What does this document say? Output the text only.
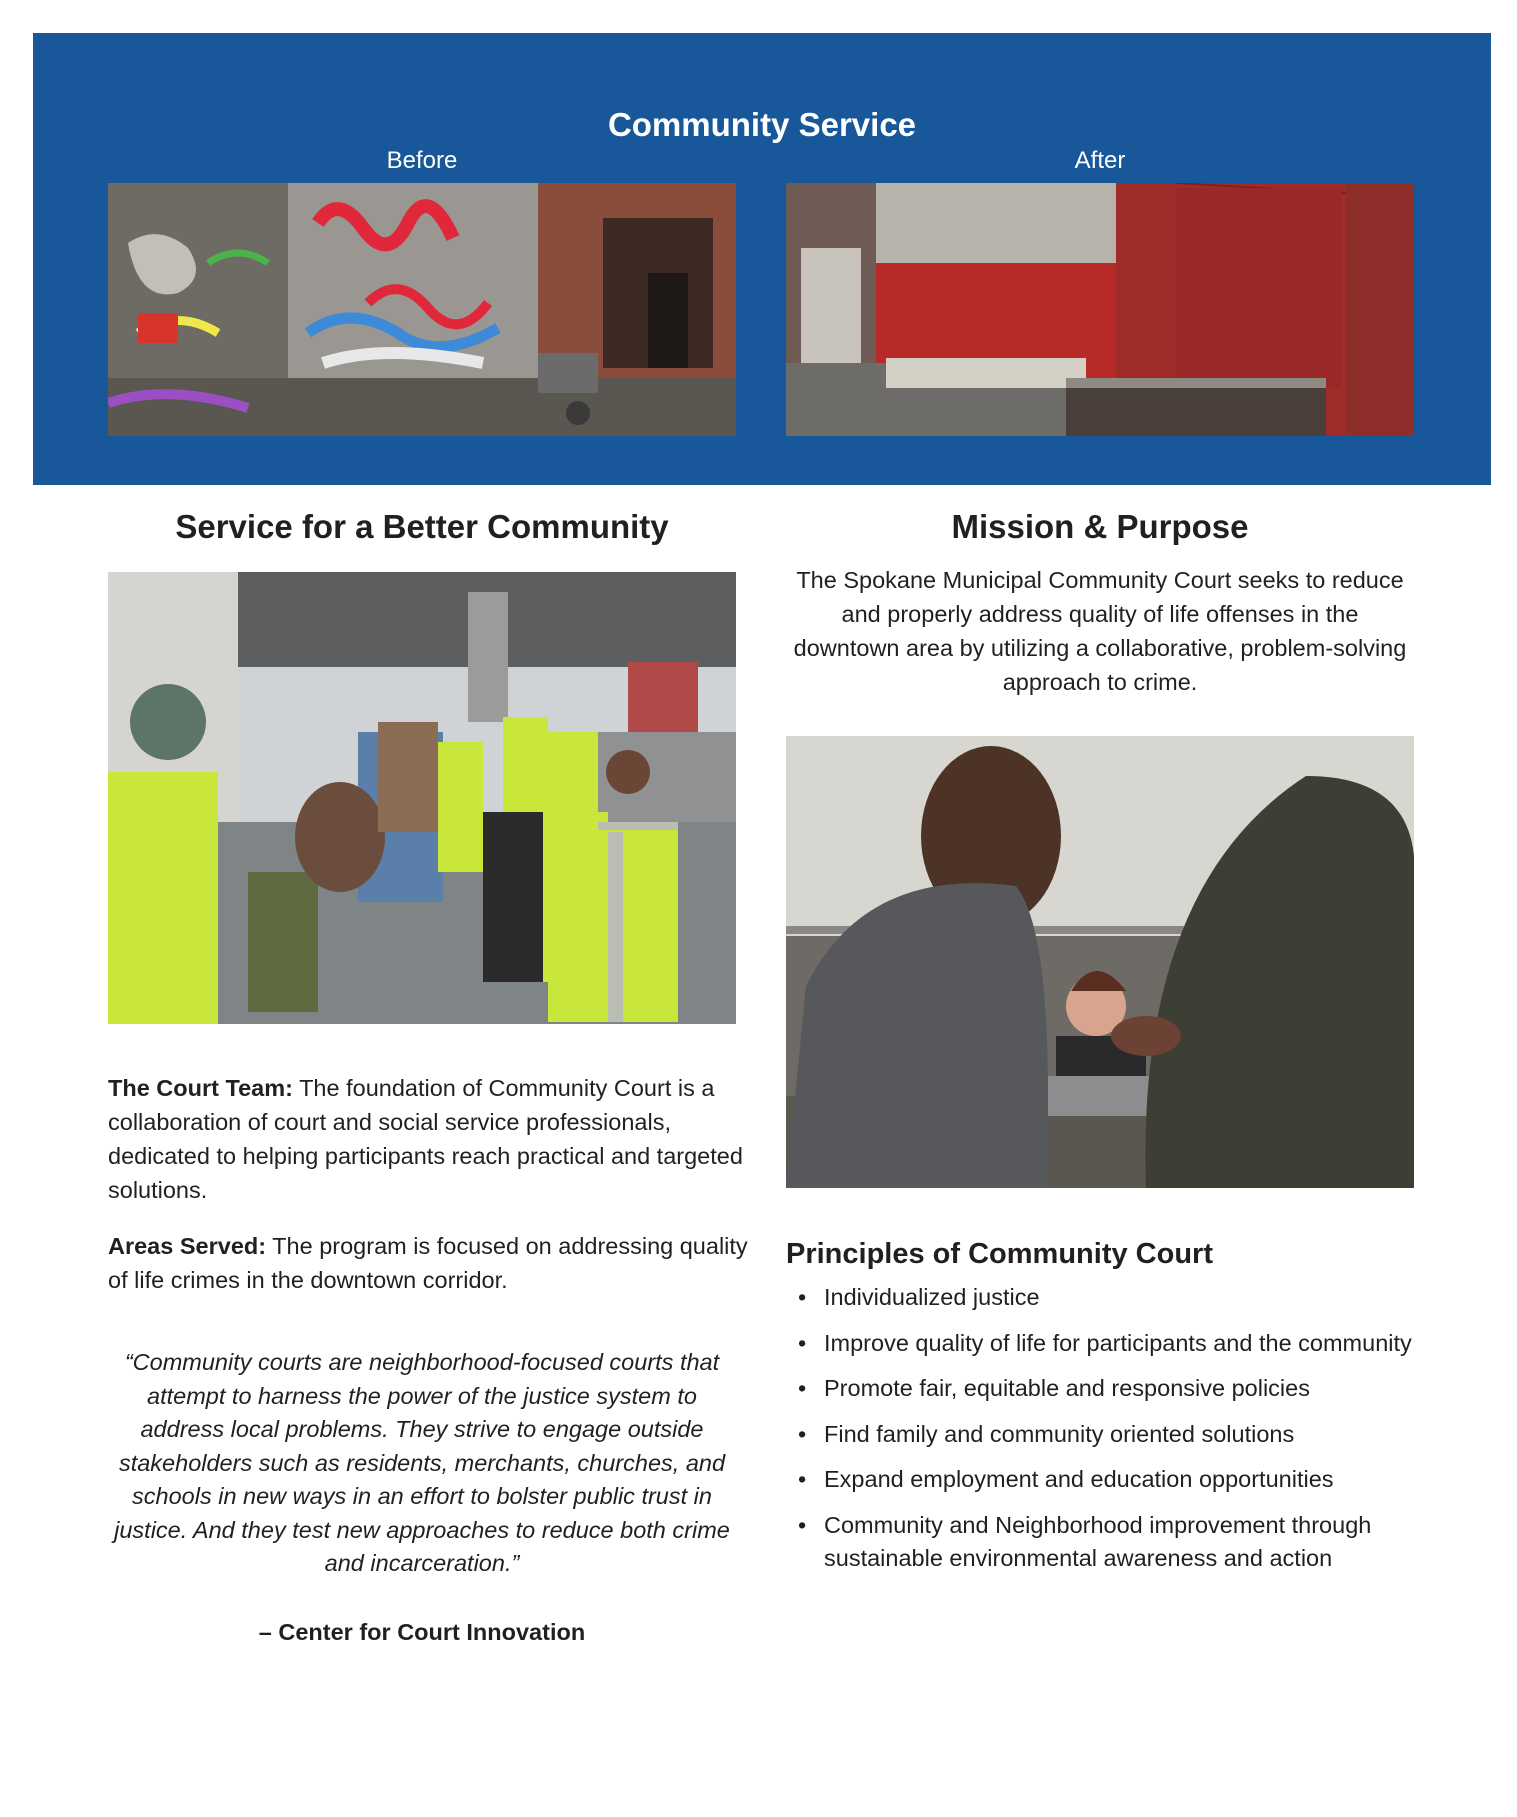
Community Service
Before	After
Service for a Better Community	Mission & Purpose
The Spokane Municipal Community Court seeks to reduce and properly address quality of life offenses in the downtown area by utilizing a collaborative, problem-solving approach to crime.
The Court Team: The foundation of Community Court is a collaboration of court and social service professionals, dedicated to helping participants reach practical and targeted solutions.
Areas Served: The program is focused on addressing quality of life crimes in the downtown corridor.
“Community courts are neighborhood-focused courts that attempt to harness the power of the justice system to address local problems. They strive to engage outside stakeholders such as residents, merchants, churches, and schools in new ways in an effort to bolster public trust in justice. And they test new approaches to reduce both crime and incarceration.”
– Center for Court Innovation
Principles of Community Court
• Individualized justice
• Improve quality of life for participants and the community
• Promote fair, equitable and responsive policies
• Find family and community oriented solutions
• Expand employment and education opportunities
• Community and Neighborhood improvement through sustainable environmental awareness and action
